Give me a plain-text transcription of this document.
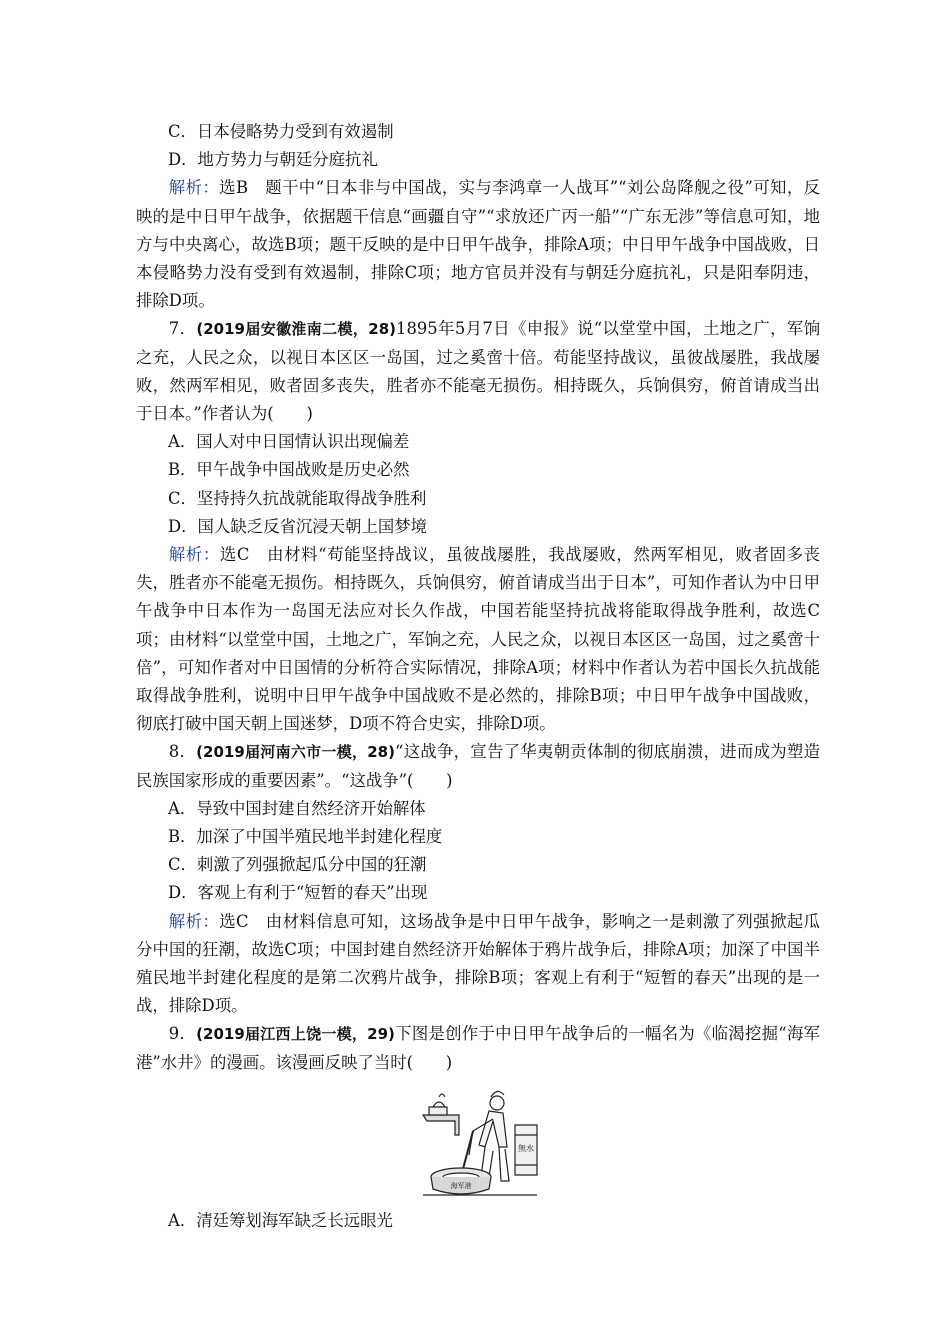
C．日本侵略势力受到有效遏制
D．地方势力与朝廷分庭抗礼
解析：选B　题干中“日本非与中国战，实与李鸿章一人战耳”“刘公岛降舰之役”可知，反映的是中日甲午战争，依据题干信息“画疆自守”“求放还广丙一船”“广东无涉”等信息可知，地方与中央离心，故选B项；题干反映的是中日甲午战争，排除A项；中日甲午战争中国战败，日本侵略势力没有受到有效遏制，排除C项；地方官员并没有与朝廷分庭抗礼，只是阳奉阴违，排除D项。
7．(2019届安徽淮南二模，28)1895年5月7日《申报》说“以堂堂中国，土地之广，军饷之充，人民之众，以视日本区区一岛国，过之奚啻十倍。苟能坚持战议，虽彼战屡胜，我战屡败，然两军相见，败者固多丧失，胜者亦不能毫无损伤。相持既久，兵饷俱穷，俯首请成当出于日本。”作者认为(　　)
A．国人对中日国情认识出现偏差
B．甲午战争中国战败是历史必然
C．坚持持久抗战就能取得战争胜利
D．国人缺乏反省沉浸天朝上国梦境
解析：选C　由材料“苟能坚持战议，虽彼战屡胜，我战屡败，然两军相见，败者固多丧失，胜者亦不能毫无损伤。相持既久，兵饷俱穷，俯首请成当出于日本”，可知作者认为中日甲午战争中日本作为一岛国无法应对长久作战，中国若能坚持抗战将能取得战争胜利，故选C项；由材料“以堂堂中国，土地之广，军饷之充，人民之众，以视日本区区一岛国，过之奚啻十倍”，可知作者对中日国情的分析符合实际情况，排除A项；材料中作者认为若中国长久抗战能取得战争胜利，说明中日甲午战争中国战败不是必然的，排除B项；中日甲午战争中国战败，彻底打破中国天朝上国迷梦，D项不符合史实，排除D项。
8．(2019届河南六市一模，28)“这战争，宣告了华夷朝贡体制的彻底崩溃，进而成为塑造民族国家形成的重要因素”。“这战争”(　　)
A．导致中国封建自然经济开始解体
B．加深了中国半殖民地半封建化程度
C．刺激了列强掀起瓜分中国的狂潮
D．客观上有利于“短暂的春天”出现
解析：选C　由材料信息可知，这场战争是中日甲午战争，影响之一是刺激了列强掀起瓜分中国的狂潮，故选C项；中国封建自然经济开始解体于鸦片战争后，排除A项；加深了中国半殖民地半封建化程度的是第二次鸦片战争，排除B项；客观上有利于“短暂的春天”出现的是一战，排除D项。
9．(2019届江西上饶一模，29)下图是创作于中日甲午战争后的一幅名为《临渴挖掘“海军港”水井》的漫画。该漫画反映了当时(　　)
海军港
無水
A．清廷筹划海军缺乏长远眼光
